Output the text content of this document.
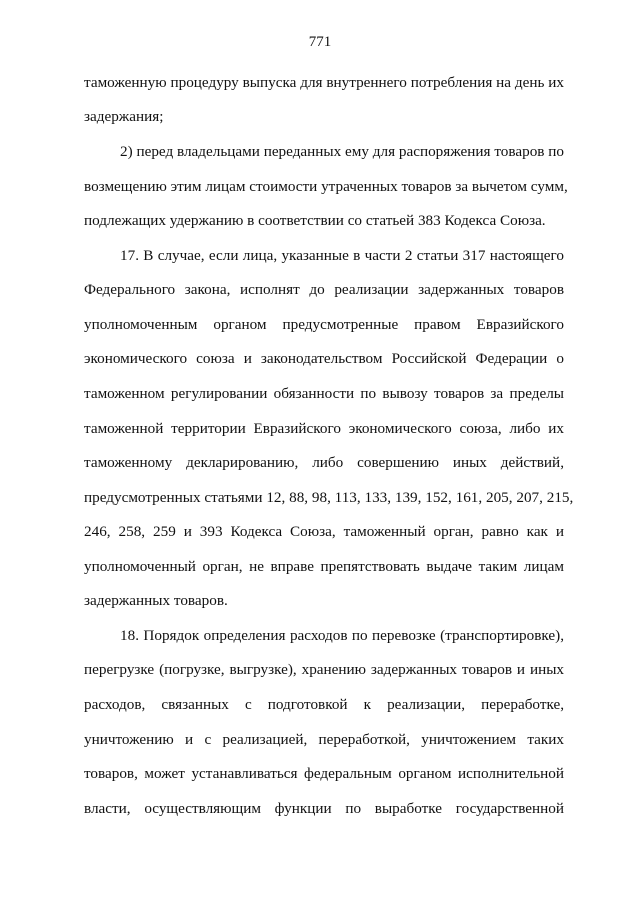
771
таможенную процедуру выпуска для внутреннего потребления на день их
задержания;
2) перед владельцами переданных ему для распоряжения товаров по
возмещению этим лицам стоимости утраченных товаров за вычетом сумм,
подлежащих удержанию в соответствии со статьей 383 Кодекса Союза.
17. В случае, если лица, указанные в части 2 статьи 317 настоящего
Федерального закона, исполнят до реализации задержанных товаров
уполномоченным органом предусмотренные правом Евразийского
экономического союза и законодательством Российской Федерации о
таможенном регулировании обязанности по вывозу товаров за пределы
таможенной территории Евразийского экономического союза, либо их
таможенному декларированию, либо совершению иных действий,
предусмотренных статьями 12, 88, 98, 113, 133, 139, 152, 161, 205, 207, 215,
246, 258, 259 и 393 Кодекса Союза, таможенный орган, равно как и
уполномоченный орган, не вправе препятствовать выдаче таким лицам
задержанных товаров.
18. Порядок определения расходов по перевозке (транспортировке),
перегрузке (погрузке, выгрузке), хранению задержанных товаров и иных
расходов, связанных с подготовкой к реализации, переработке,
уничтожению и с реализацией, переработкой, уничтожением таких
товаров, может устанавливаться федеральным органом исполнительной
власти, осуществляющим функции по выработке государственной
